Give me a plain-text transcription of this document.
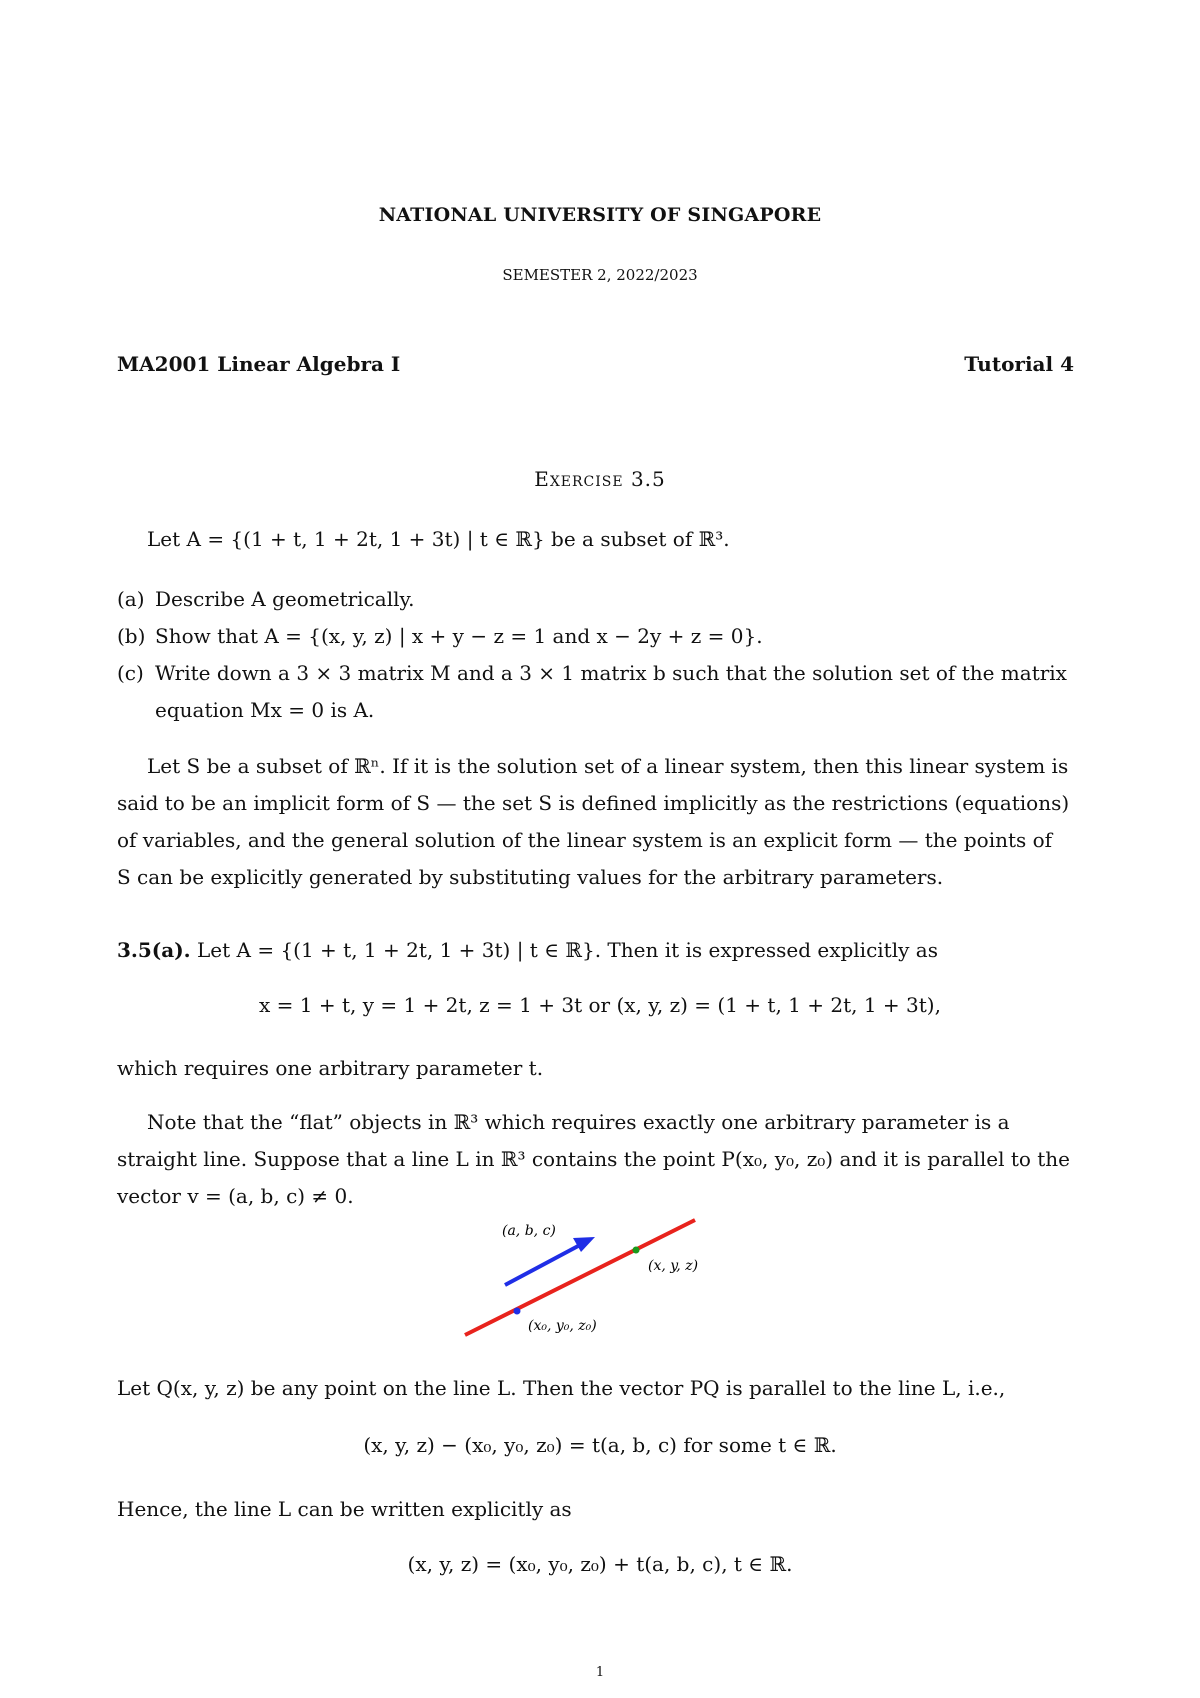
NATIONAL UNIVERSITY OF SINGAPORE
SEMESTER 2, 2022/2023
MA2001 Linear Algebra I	Tutorial 4
Exercise 3.5
Let A = {(1 + t, 1 + 2t, 1 + 3t) | t ∈ ℝ} be a subset of ℝ³.
(a) Describe A geometrically.
(b) Show that A = {(x, y, z) | x + y − z = 1 and x − 2y + z = 0}.
(c) Write down a 3 × 3 matrix M and a 3 × 1 matrix b such that the solution set of the matrix
equation Mx = 0 is A.
Let S be a subset of ℝⁿ. If it is the solution set of a linear system, then this linear system is said to be an implicit form of S — the set S is defined implicitly as the restrictions (equations) of variables, and the general solution of the linear system is an explicit form — the points of S can be explicitly generated by substituting values for the arbitrary parameters.
3.5(a). Let A = {(1 + t, 1 + 2t, 1 + 3t) | t ∈ ℝ}. Then it is expressed explicitly as
x = 1 + t, y = 1 + 2t, z = 1 + 3t or (x, y, z) = (1 + t, 1 + 2t, 1 + 3t),
which requires one arbitrary parameter t.
Note that the “flat” objects in ℝ³ which requires exactly one arbitrary parameter is a straight line. Suppose that a line L in ℝ³ contains the point P(x₀, y₀, z₀) and it is parallel to the vector v = (a, b, c) ≠ 0.
(a, b, c)
(x, y, z)
(x₀, y₀, z₀)
Let Q(x, y, z) be any point on the line L. Then the vector PQ is parallel to the line L, i.e.,
(x, y, z) − (x₀, y₀, z₀) = t(a, b, c) for some t ∈ ℝ.
Hence, the line L can be written explicitly as
(x, y, z) = (x₀, y₀, z₀) + t(a, b, c), t ∈ ℝ.
1
